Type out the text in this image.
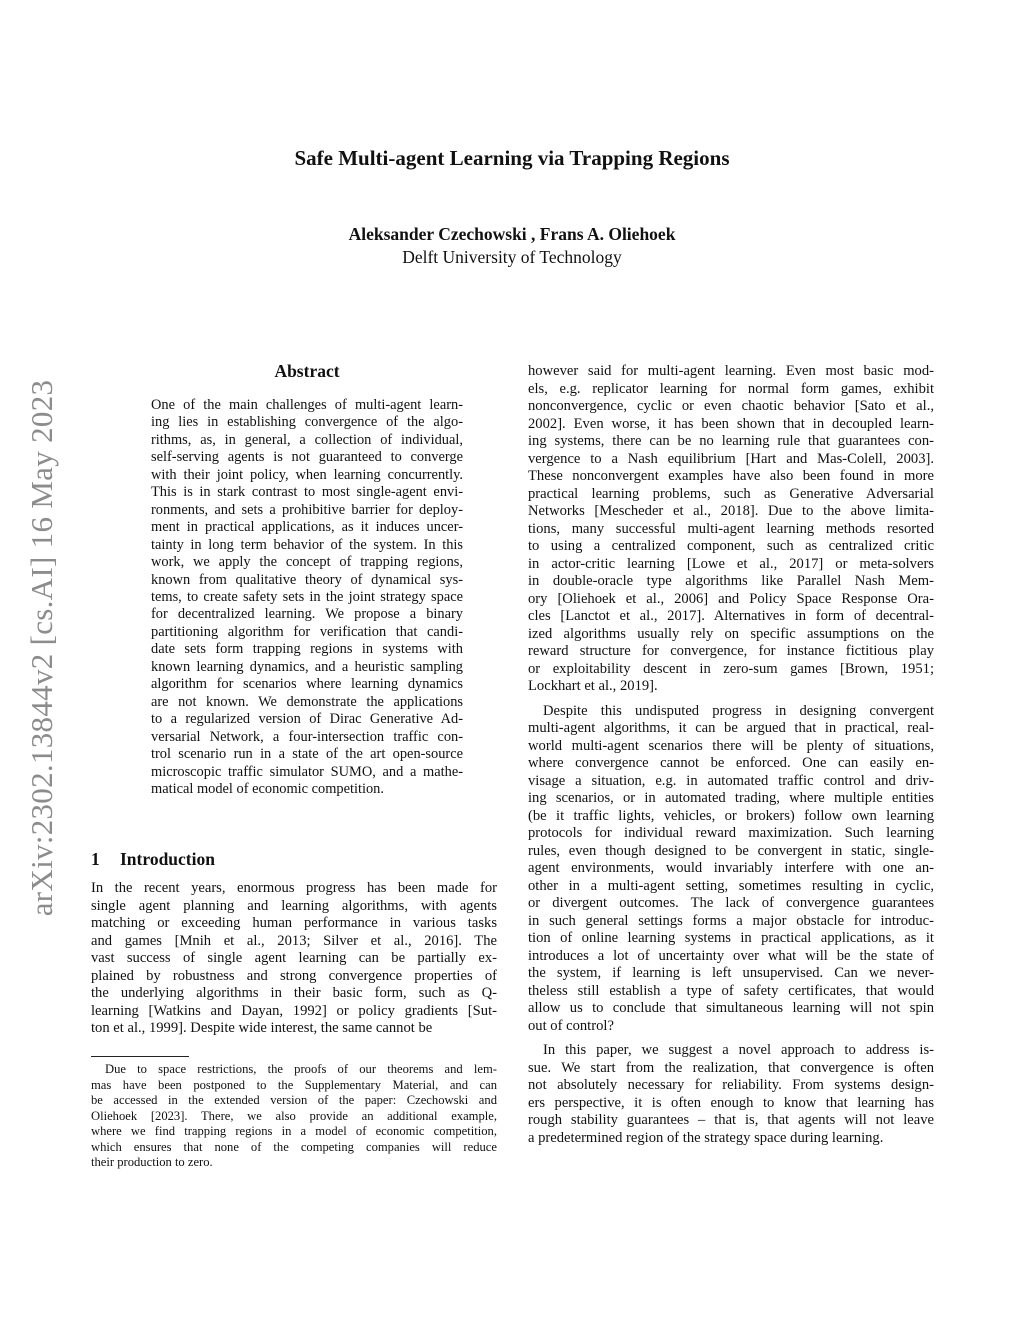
arXiv:2302.13844v2 [cs.AI] 16 May 2023
Safe Multi-agent Learning via Trapping Regions
Aleksander Czechowski , Frans A. Oliehoek
Delft University of Technology
Abstract
One of the main challenges of multi-agent learn-
ing lies in establishing convergence of the algo-
rithms, as, in general, a collection of individual,
self-serving agents is not guaranteed to converge
with their joint policy, when learning concurrently.
This is in stark contrast to most single-agent envi-
ronments, and sets a prohibitive barrier for deploy-
ment in practical applications, as it induces uncer-
tainty in long term behavior of the system. In this
work, we apply the concept of trapping regions,
known from qualitative theory of dynamical sys-
tems, to create safety sets in the joint strategy space
for decentralized learning. We propose a binary
partitioning algorithm for verification that candi-
date sets form trapping regions in systems with
known learning dynamics, and a heuristic sampling
algorithm for scenarios where learning dynamics
are not known. We demonstrate the applications
to a regularized version of Dirac Generative Ad-
versarial Network, a four-intersection traffic con-
trol scenario run in a state of the art open-source
microscopic traffic simulator SUMO, and a mathe-
matical model of economic competition.
1 Introduction
In the recent years, enormous progress has been made for
single agent planning and learning algorithms, with agents
matching or exceeding human performance in various tasks
and games [Mnih et al., 2013; Silver et al., 2016]. The
vast success of single agent learning can be partially ex-
plained by robustness and strong convergence properties of
the underlying algorithms in their basic form, such as Q-
learning [Watkins and Dayan, 1992] or policy gradients [Sut-
ton et al., 1999]. Despite wide interest, the same cannot be
Due to space restrictions, the proofs of our theorems and lem-
mas have been postponed to the Supplementary Material, and can
be accessed in the extended version of the paper: Czechowski and
Oliehoek [2023]. There, we also provide an additional example,
where we find trapping regions in a model of economic competition,
which ensures that none of the competing companies will reduce
their production to zero.
however said for multi-agent learning. Even most basic mod-
els, e.g. replicator learning for normal form games, exhibit
nonconvergence, cyclic or even chaotic behavior [Sato et al.,
2002]. Even worse, it has been shown that in decoupled learn-
ing systems, there can be no learning rule that guarantees con-
vergence to a Nash equilibrium [Hart and Mas-Colell, 2003].
These nonconvergent examples have also been found in more
practical learning problems, such as Generative Adversarial
Networks [Mescheder et al., 2018]. Due to the above limita-
tions, many successful multi-agent learning methods resorted
to using a centralized component, such as centralized critic
in actor-critic learning [Lowe et al., 2017] or meta-solvers
in double-oracle type algorithms like Parallel Nash Mem-
ory [Oliehoek et al., 2006] and Policy Space Response Ora-
cles [Lanctot et al., 2017]. Alternatives in form of decentral-
ized algorithms usually rely on specific assumptions on the
reward structure for convergence, for instance fictitious play
or exploitability descent in zero-sum games [Brown, 1951;
Lockhart et al., 2019].
Despite this undisputed progress in designing convergent
multi-agent algorithms, it can be argued that in practical, real-
world multi-agent scenarios there will be plenty of situations,
where convergence cannot be enforced. One can easily en-
visage a situation, e.g. in automated traffic control and driv-
ing scenarios, or in automated trading, where multiple entities
(be it traffic lights, vehicles, or brokers) follow own learning
protocols for individual reward maximization. Such learning
rules, even though designed to be convergent in static, single-
agent environments, would invariably interfere with one an-
other in a multi-agent setting, sometimes resulting in cyclic,
or divergent outcomes. The lack of convergence guarantees
in such general settings forms a major obstacle for introduc-
tion of online learning systems in practical applications, as it
introduces a lot of uncertainty over what will be the state of
the system, if learning is left unsupervised. Can we never-
theless still establish a type of safety certificates, that would
allow us to conclude that simultaneous learning will not spin
out of control?
In this paper, we suggest a novel approach to address is-
sue. We start from the realization, that convergence is often
not absolutely necessary for reliability. From systems design-
ers perspective, it is often enough to know that learning has
rough stability guarantees – that is, that agents will not leave
a predetermined region of the strategy space during learning.
